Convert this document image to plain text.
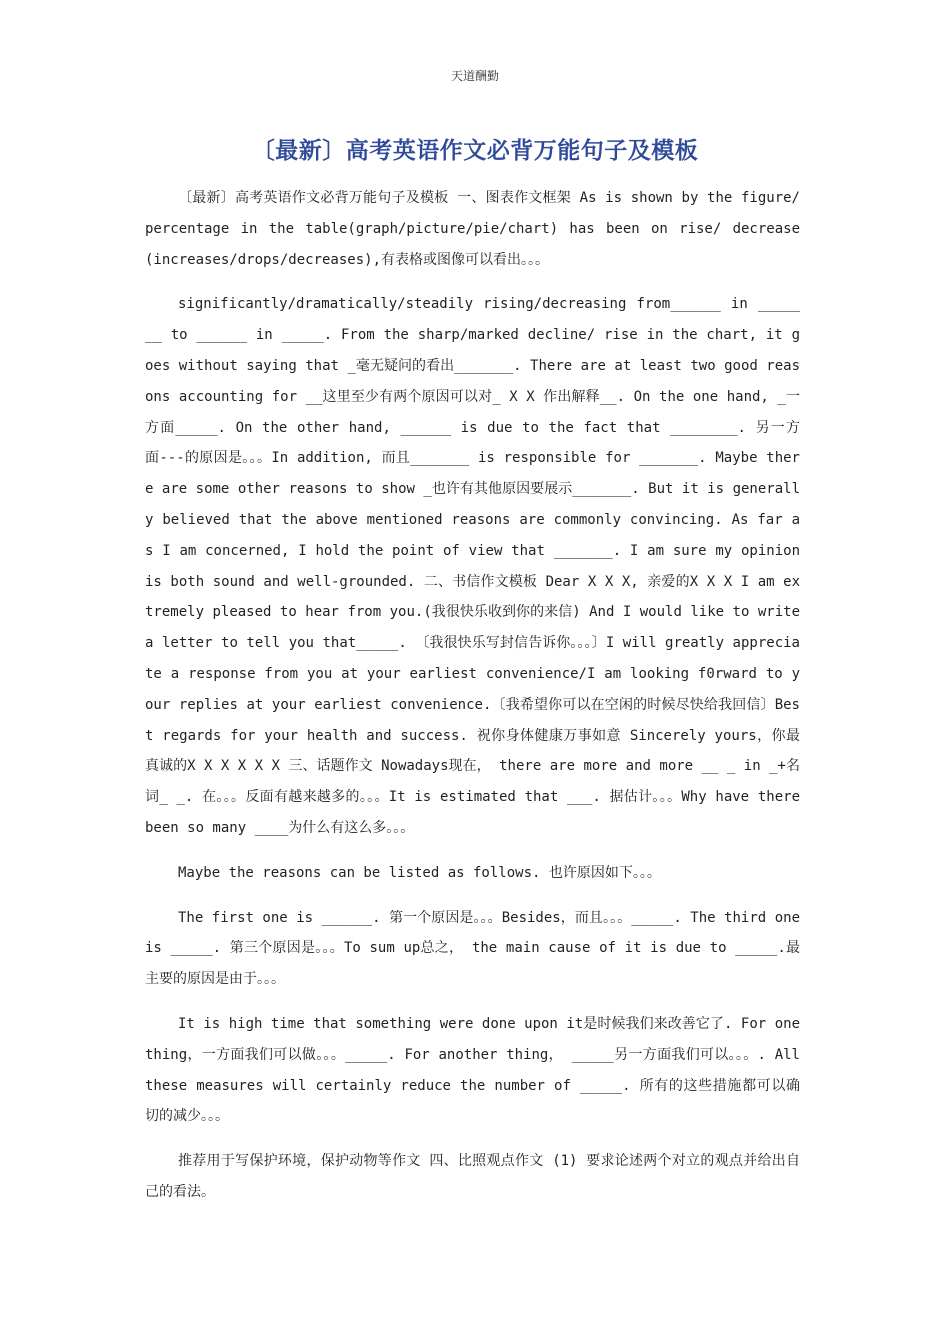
天道酬勤
〔最新〕高考英语作文必背万能句子及模板

〔最新〕高考英语作文必背万能句子及模板 一、图表作文框架 As is shown by the figure/percentage in the table(graph/picture/pie/chart) has been on rise/ decrease (increases/drops/decreases),有表格或图像可以看出。。。

significantly/dramatically/steadily rising/decreasing from______ in _______ to ______ in _____. From the sharp/marked decline/ rise in the chart, it goes without saying that _毫无疑问的看出_______. There are at least two good reasons accounting for __这里至少有两个原因可以对_ X X 作出解释__. On the one hand, _一方面_____. On the other hand, ______ is due to the fact that ________. 另一方面---的原因是。。。In addition, 而且_______ is responsible for _______. Maybe there are some other reasons to show _也许有其他原因要展示_______. But it is generally believed that the above mentioned reasons are commonly convincing. As far as I am concerned, I hold the point of view that _______. I am sure my opinion is both sound and well-grounded. 二、书信作文模板 Dear X X X, 亲爱的X X X I am extremely pleased to hear from you.(我很快乐收到你的来信) And I would like to write a letter to tell you that_____. 〔我很快乐写封信告诉你。。。〕I will greatly appreciate a response from you at your earliest convenience/I am looking f0rward to your replies at your earliest convenience.〔我希望你可以在空闲的时候尽快给我回信〕Best regards for your health and success. 祝你身体健康万事如意 Sincerely yours，你最真诚的X X X X X X 三、话题作文 Nowadays现在， there are more and more __ _ in _+名词_ _. 在。。。反面有越来越多的。。。It is estimated that ___. 据估计。。。Why have there been so many ____为什么有这么多。。。

Maybe the reasons can be listed as follows. 也许原因如下。。。

The first one is ______. 第一个原因是。。。Besides，而且。。。_____. The third one is _____. 第三个原因是。。。To sum up总之， the main cause of it is due to _____.最主要的原因是由于。。。

It is high time that something were done upon it是时候我们来改善它了. For one thing，一方面我们可以做。。。_____. For another thing， _____另一方面我们可以。。。. All these measures will certainly reduce the number of _____. 所有的这些措施都可以确切的减少。。。

推荐用于写保护环境，保护动物等作文 四、比照观点作文 (1) 要求论述两个对立的观点并给出自己的看法。
